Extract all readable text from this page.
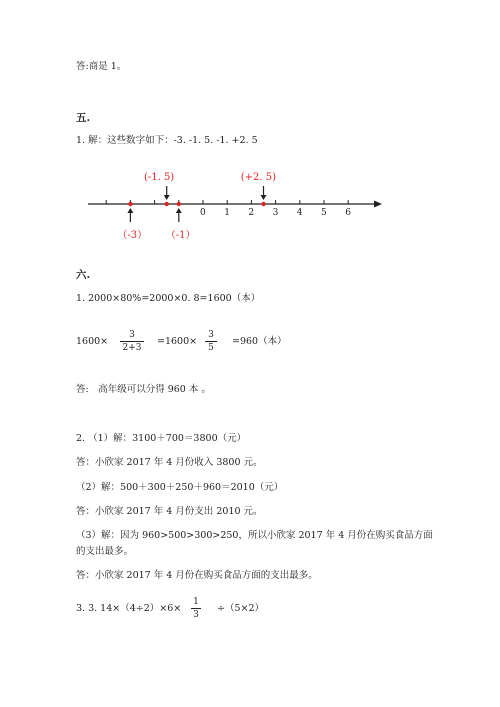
答:商是 1。
五.
1. 解：这些数字如下：-3. -1. 5. -1. +2. 5
0 1 2 3 4 5 6
（-3）
(-1. 5)
（-1）
(+2. 5)
六.
1. 2000×80%=2000×0. 8=1600（本）
$1600\times \frac{3}{2+3} =1600\times \frac{3}{5} =960$（本）
答:　高年级可以分得 960 本 。
2. （1）解：3100＋700＝3800（元）
答：小欣家 2017 年 4 月份收入 3800 元。
（2）解：500＋300＋250＋960＝2010（元）
答：小欣家 2017 年 4 月份支出 2010 元。
（3）解：因为 960>500>300>250，所以小欣家 2017 年 4 月份在购买食品方面
的支出最多。
答：小欣家 2017 年 4 月份在购买食品方面的支出最多。
3. 3. $14\times(4\div 2)\times 6\times \frac{1}{3} \div(5\times 2)$
